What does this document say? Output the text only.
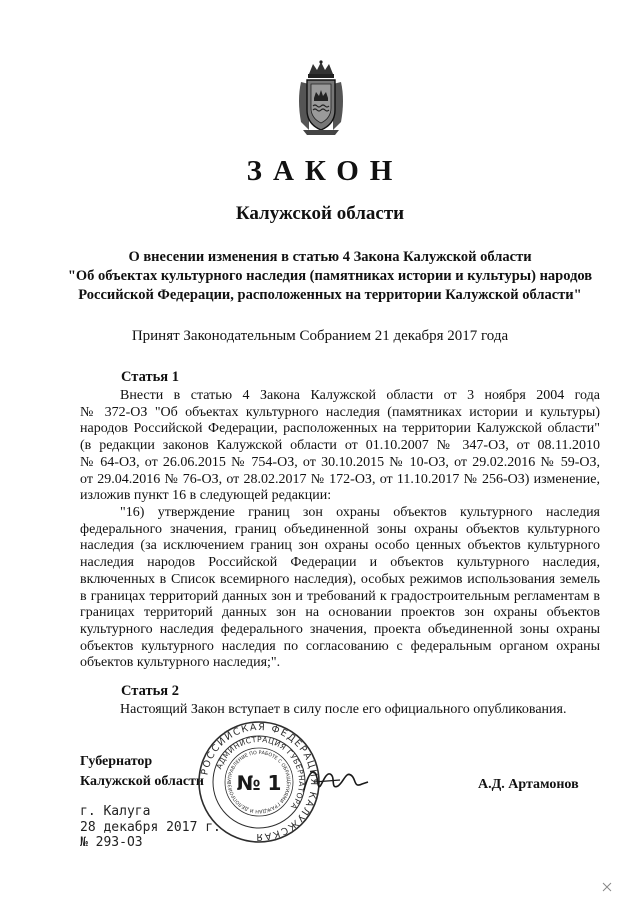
ЗАКОН
Калужской области
О внесении изменения в статью 4 Закона Калужской области
"Об объектах культурного наследия (памятниках истории и культуры) народов
Российской Федерации, расположенных на территории Калужской области"
Принят Законодательным Собранием 21 декабря 2017 года
Статья 1
Внести в статью 4 Закона Калужской области от 3 ноября 2004 года
№ 372-ОЗ "Об объектах культурного наследия (памятниках истории и культуры)
народов Российской Федерации, расположенных на территории Калужской области"
(в редакции законов Калужской области от 01.10.2007 № 347-ОЗ, от 08.11.2010
№ 64-ОЗ, от 26.06.2015 № 754-ОЗ, от 30.10.2015 № 10-ОЗ, от 29.02.2016 № 59-ОЗ,
от 29.04.2016 № 76-ОЗ, от 28.02.2017 № 172-ОЗ, от 11.10.2017 № 256-ОЗ) изменение,
изложив пункт 16 в следующей редакции:
"16) утверждение границ зон охраны объектов культурного наследия
федерального значения, границ объединенной зоны охраны объектов культурного
наследия (за исключением границ зон охраны особо ценных объектов культурного
наследия народов Российской Федерации и объектов культурного наследия,
включенных в Список всемирного наследия), особых режимов использования земель
в границах территорий данных зон и требований к градостроительным регламентам в
границах территорий данных зон на основании проектов зон охраны объектов
культурного наследия федерального значения, проекта объединенной зоны охраны
объектов культурного наследия по согласованию с федеральным органом охраны
объектов культурного наследия;".
Статья 2
Настоящий Закон вступает в силу после его официального опубликования.
Губернатор
Калужской области	А.Д. Артамонов
РОССИЙСКАЯ ФЕДЕРАЦИЯ КАЛУЖСКАЯ
АДМИНИСТРАЦИЯ ГУБЕРНАТОРА
УПРАВЛЕНИЕ ПО РАБОТЕ С ОБРАЩЕНИЯМИ ГРАЖДАН И ДЕЛОПРОИЗВ № 1
г. Калуга
28 декабря 2017 г.
№ 293-ОЗ
